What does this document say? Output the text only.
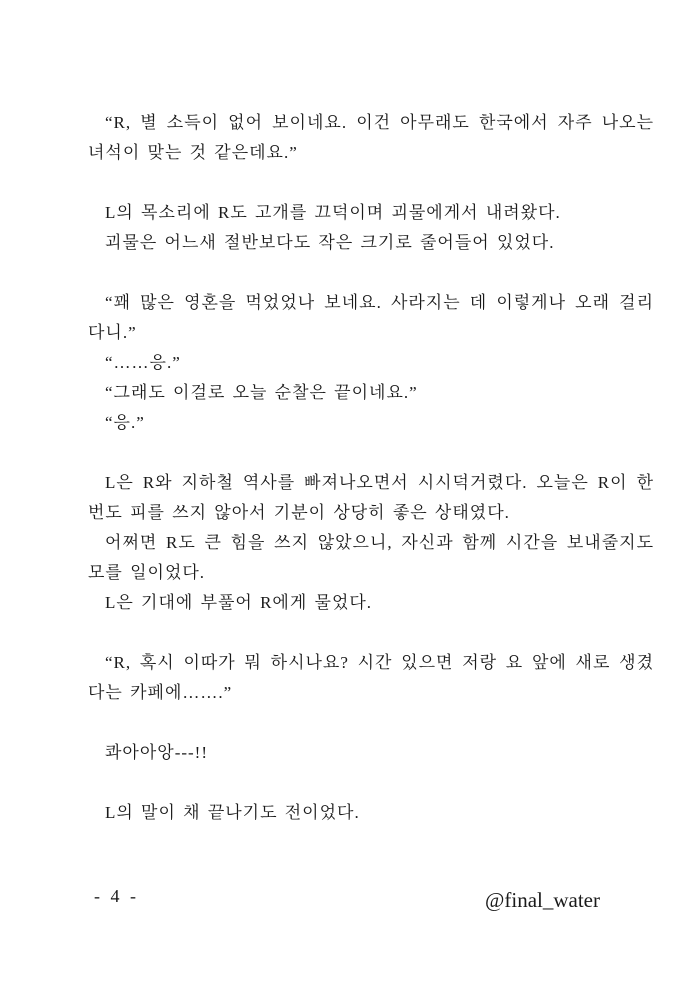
“R, 별 소득이 없어 보이네요. 이건 아무래도 한국에서 자주 나오는 녀석이 맞는 것 같은데요.”

L의 목소리에 R도 고개를 끄덕이며 괴물에게서 내려왔다.

괴물은 어느새 절반보다도 작은 크기로 줄어들어 있었다.

“꽤 많은 영혼을 먹었었나 보네요. 사라지는 데 이렇게나 오래 걸리다니.”

“……응.”

“그래도 이걸로 오늘 순찰은 끝이네요.”

“응.”

L은 R와 지하철 역사를 빠져나오면서 시시덕거렸다. 오늘은 R이 한 번도 피를 쓰지 않아서 기분이 상당히 좋은 상태였다.

어쩌면 R도 큰 힘을 쓰지 않았으니, 자신과 함께 시간을 보내줄지도 모를 일이었다.

L은 기대에 부풀어 R에게 물었다.

“R, 혹시 이따가 뭐 하시나요? 시간 있으면 저랑 요 앞에 새로 생겼다는 카페에…….”

콰아아앙---!!

L의 말이 채 끝나기도 전이었다.

- 4 -	@final_water
